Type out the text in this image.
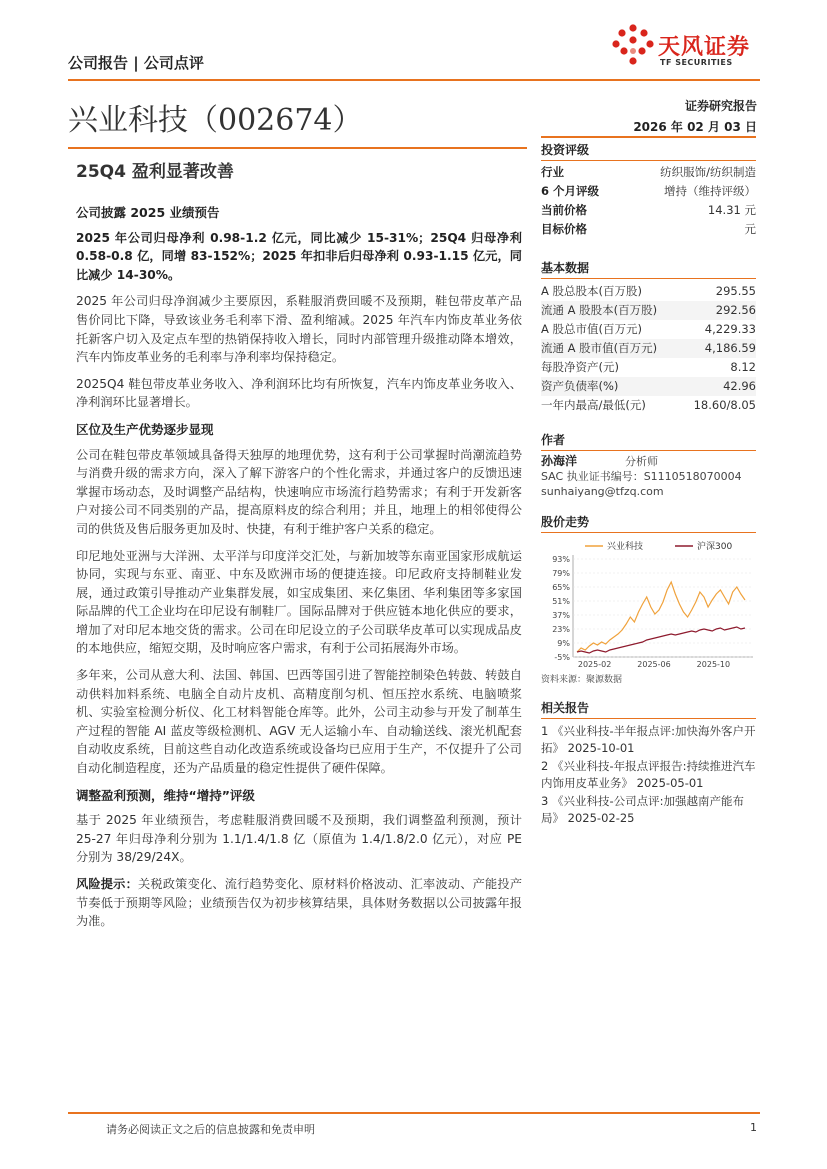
公司报告 | 公司点评
天风证券
TF SECURITIES
兴业科技（002674）	证券研究报告
2026 年 02 月 03 日
25Q4 盈利显著改善
公司披露 2025 业绩预告

2025 年公司归母净利 0.98-1.2 亿元，同比减少 15-31%；25Q4 归母净利 0.58-0.8 亿，同增 83-152%；2025 年扣非后归母净利 0.93-1.15 亿元，同比减少 14-30%。

2025 年公司归母净润减少主要原因，系鞋服消费回暖不及预期，鞋包带皮革产品售价同比下降，导致该业务毛利率下滑、盈利缩减。2025 年汽车内饰皮革业务依托新客户切入及定点车型的热销保持收入增长，同时内部管理升级推动降本增效，汽车内饰皮革业务的毛利率与净利率均保持稳定。

2025Q4 鞋包带皮革业务收入、净利润环比均有所恢复，汽车内饰皮革业务收入、净利润环比显著增长。

区位及生产优势逐步显现

公司在鞋包带皮革领域具备得天独厚的地理优势，这有利于公司掌握时尚潮流趋势与消费升级的需求方向，深入了解下游客户的个性化需求，并通过客户的反馈迅速掌握市场动态，及时调整产品结构，快速响应市场流行趋势需求；有利于开发新客户对接公司不同类别的产品，提高原料皮的综合利用；并且，地理上的相邻使得公司的供货及售后服务更加及时、快捷，有利于维护客户关系的稳定。

印尼地处亚洲与大洋洲、太平洋与印度洋交汇处，与新加坡等东南亚国家形成航运协同，实现与东亚、南亚、中东及欧洲市场的便捷连接。印尼政府支持制鞋业发展，通过政策引导推动产业集群发展，如宝成集团、来亿集团、华利集团等多家国际品牌的代工企业均在印尼设有制鞋厂。国际品牌对于供应链本地化供应的要求，增加了对印尼本地交货的需求。公司在印尼设立的子公司联华皮革可以实现成品皮的本地供应，缩短交期，及时响应客户需求，有利于公司拓展海外市场。

多年来，公司从意大利、法国、韩国、巴西等国引进了智能控制染色转鼓、转鼓自动供料加料系统、电脑全自动片皮机、高精度削匀机、恒压控水系统、电脑喷浆机、实验室检测分析仪、化工材料智能仓库等。此外，公司主动参与开发了制革生产过程的智能 AI 蓝皮等级检测机、AGV 无人运输小车、自动输送线、滚光机配套自动收皮系统，目前这些自动化改造系统或设备均已应用于生产，不仅提升了公司自动化制造程度，还为产品质量的稳定性提供了硬件保障。

调整盈利预测，维持“增持”评级

基于 2025 年业绩预告，考虑鞋服消费回暖不及预期，我们调整盈利预测，预计 25-27 年归母净利分别为 1.1/1.4/1.8 亿（原值为 1.4/1.8/2.0 亿元），对应 PE 分别为 38/29/24X。

风险提示：关税政策变化、流行趋势变化、原材料价格波动、汇率波动、产能投产节奏低于预期等风险；业绩预告仅为初步核算结果，具体财务数据以公司披露年报为准。

投资评级
行业	纺织服饰/纺织制造
6 个月评级	增持（维持评级）
当前价格	14.31 元
目标价格	元
基本数据
A 股总股本(百万股)	295.55
流通 A 股股本(百万股)	292.56
A 股总市值(百万元)	4,229.33
流通 A 股市值(百万元)	4,186.59
每股净资产(元)	8.12
资产负债率(%)	42.96
一年内最高/最低(元)	18.60/8.05
作者
孙海洋	分析师
SAC 执业证书编号：S1110518070004
sunhaiyang@tfzq.com
股价走势
93%
79%
65%
51%
37%
23%
9%
-5%
2025-02	2025-06	2025-10
兴业科技	沪深300
资料来源：聚源数据
相关报告
1 《兴业科技-半年报点评:加快海外客户开拓》 2025-10-01
2 《兴业科技-年报点评报告:持续推进汽车内饰用皮革业务》 2025-05-01
3 《兴业科技-公司点评:加强越南产能布局》 2025-02-25
请务必阅读正文之后的信息披露和免责申明	1
